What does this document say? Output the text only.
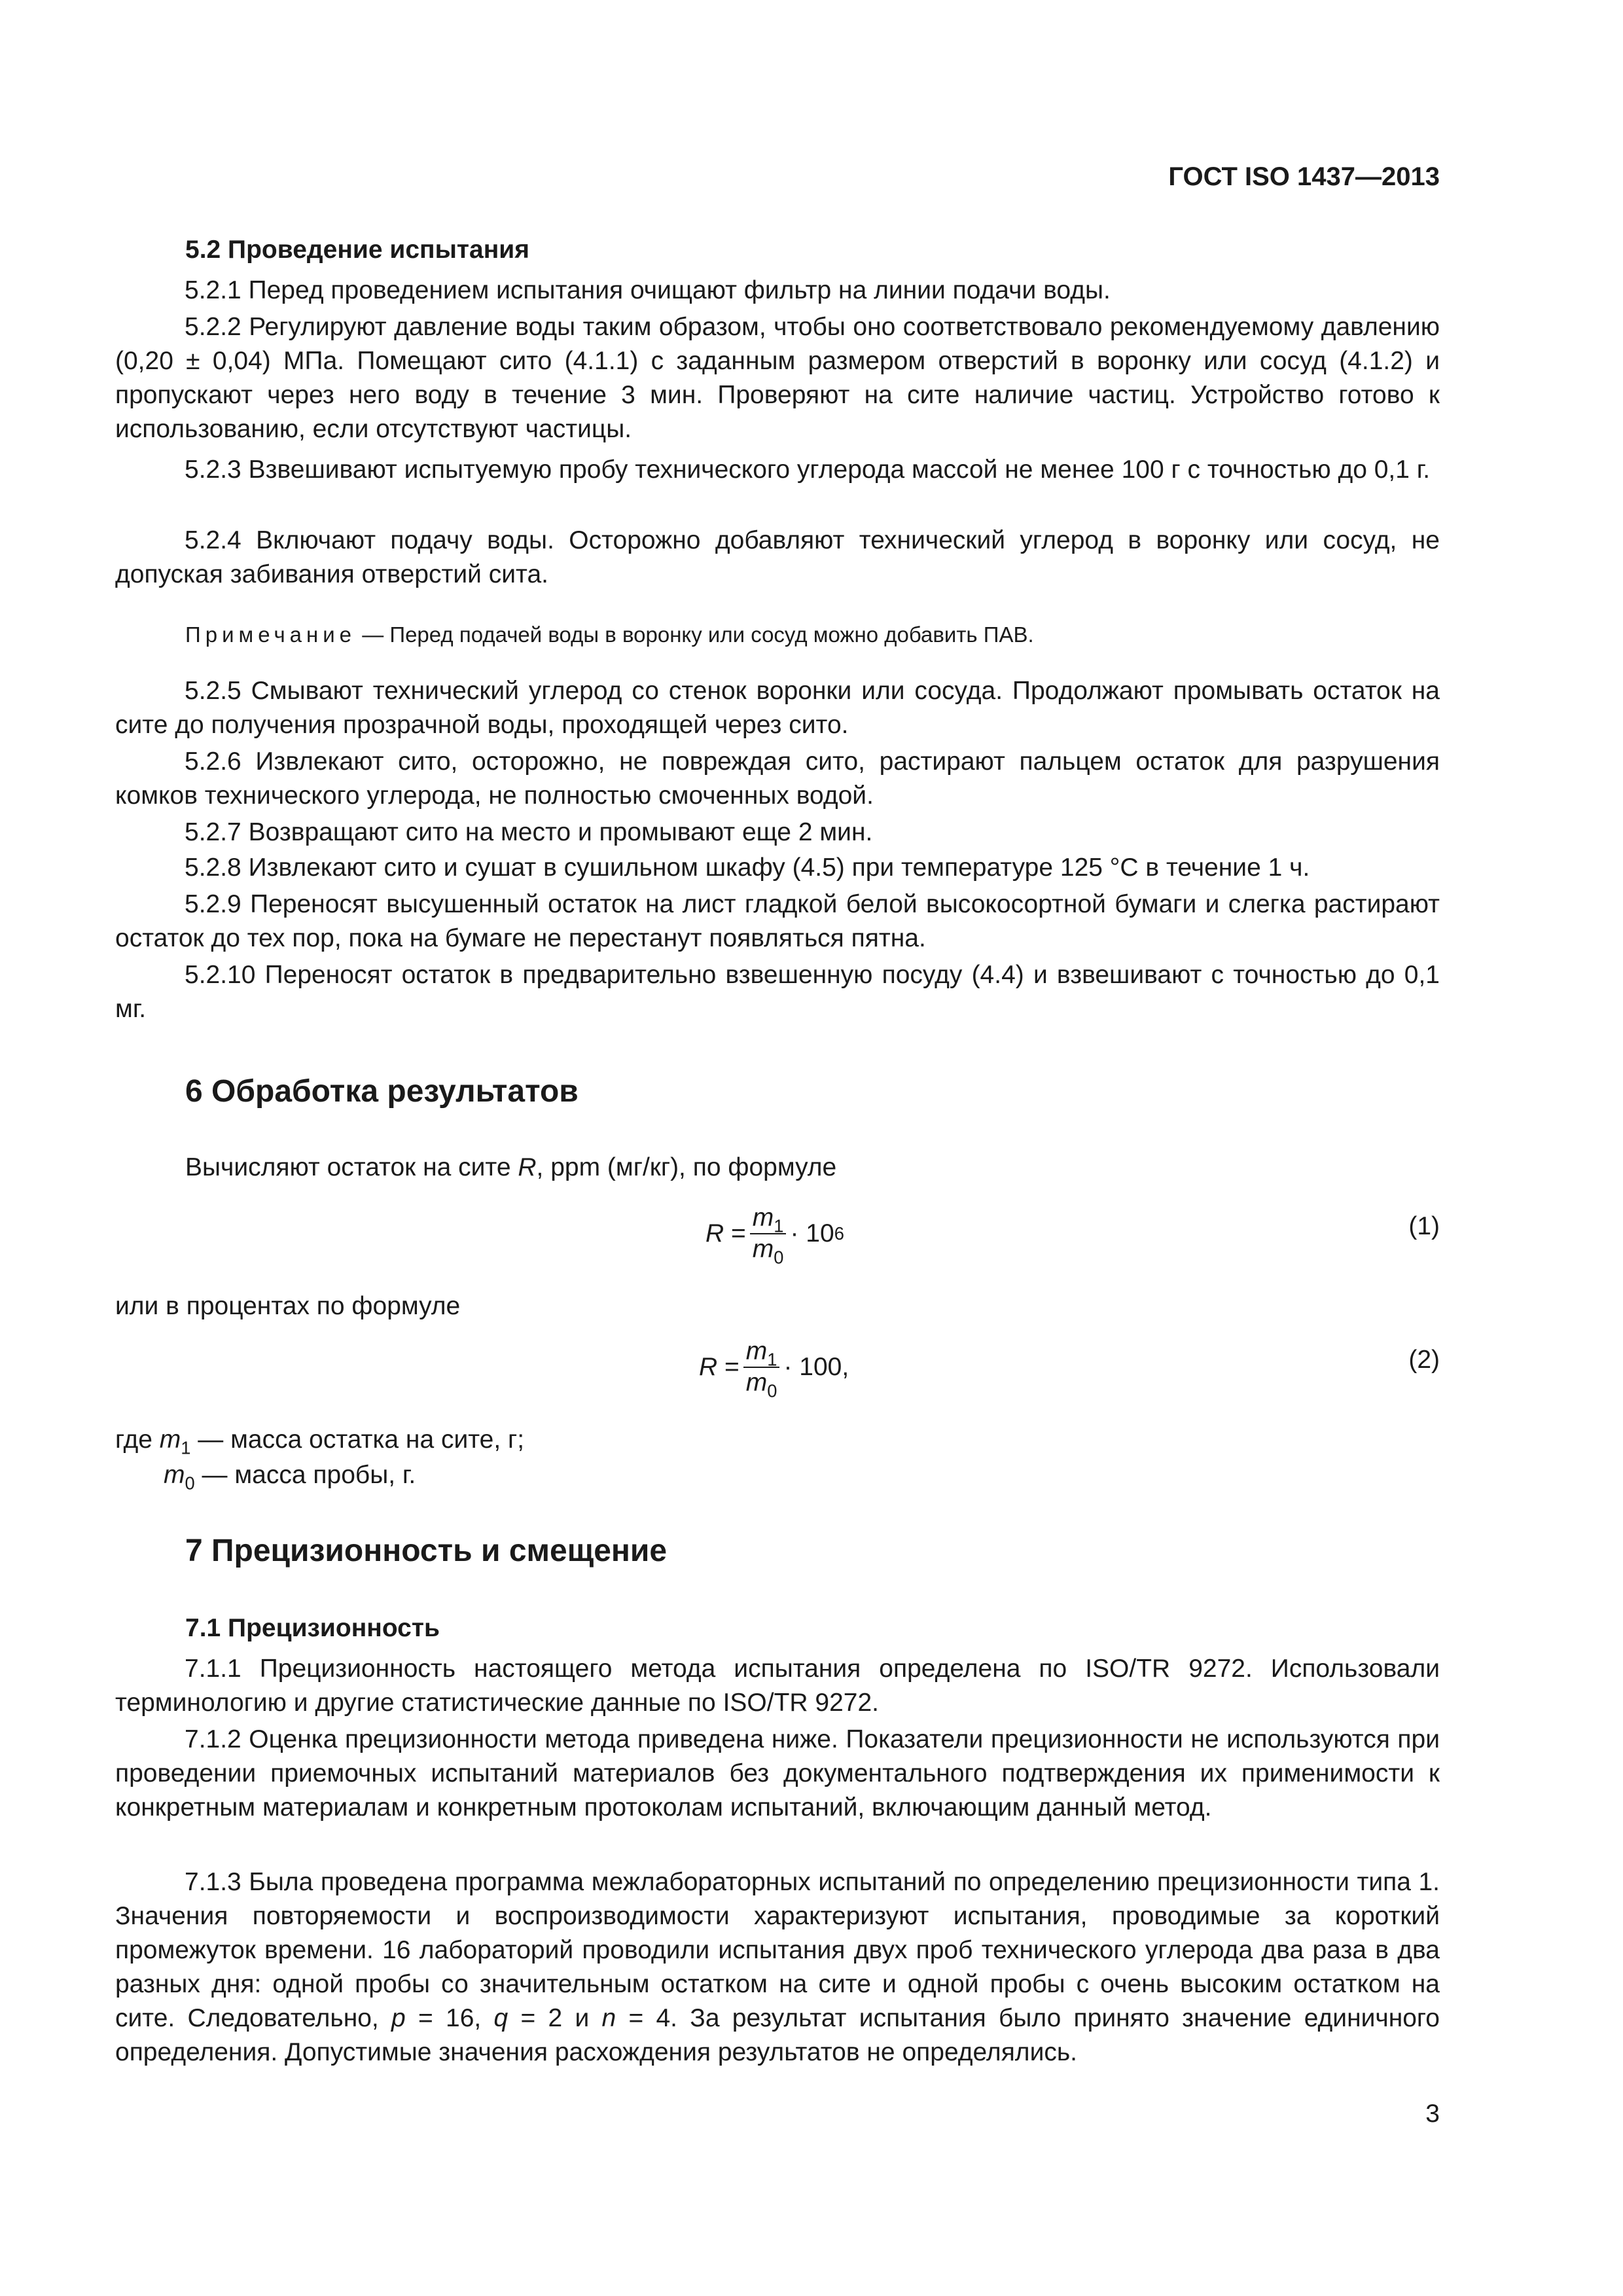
ГОСТ ISO 1437—2013
5.2 Проведение испытания

5.2.1 Перед проведением испытания очищают фильтр на линии подачи воды.

5.2.2 Регулируют давление воды таким образом, чтобы оно соответствовало рекомендуемому давлению (0,20 ± 0,04) МПа. Помещают сито (4.1.1) с заданным размером отверстий в воронку или сосуд (4.1.2) и пропускают через него воду в течение 3 мин. Проверяют на сите наличие частиц. Устройство готово к использованию, если отсутствуют частицы.

5.2.3 Взвешивают испытуемую пробу технического углерода массой не менее 100 г с точностью до 0,1 г.

5.2.4 Включают подачу воды. Осторожно добавляют технический углерод в воронку или сосуд, не допуская забивания отверстий сита.

Примечание — Перед подачей воды в воронку или сосуд можно добавить ПАВ.

5.2.5 Смывают технический углерод со стенок воронки или сосуда. Продолжают промывать остаток на сите до получения прозрачной воды, проходящей через сито.

5.2.6 Извлекают сито, осторожно, не повреждая сито, растирают пальцем остаток для разрушения комков технического углерода, не полностью смоченных водой.

5.2.7 Возвращают сито на место и промывают еще 2 мин.

5.2.8 Извлекают сито и сушат в сушильном шкафу (4.5) при температуре 125 °С в течение 1 ч.

5.2.9 Переносят высушенный остаток на лист гладкой белой высокосортной бумаги и слегка растирают остаток до тех пор, пока на бумаге не перестанут появляться пятна.

5.2.10 Переносят остаток в предварительно взвешенную посуду (4.4) и взвешивают с точностью до 0,1 мг.

6 Обработка результатов
Вычисляют остаток на сите R, ppm (мг/кг), по формуле
$R = \frac{m_1}{m_0} \cdot 10$ 6	(1)
или в процентах по формуле
$R = \frac{m_1}{m_0} \cdot 100$,	(2)
где $m_1$ — масса остатка на сите, г;
$m_0$ — масса пробы, г.
7 Прецизионность и смещение
7.1 Прецизионность

7.1.1 Прецизионность настоящего метода испытания определена по ISO/TR 9272. Использовали терминологию и другие статистические данные по ISO/TR 9272.

7.1.2 Оценка прецизионности метода приведена ниже. Показатели прецизионности не используются при проведении приемочных испытаний материалов без документального подтверждения их применимости к конкретным материалам и конкретным протоколам испытаний, включающим данный метод.

7.1.3 Была проведена программа межлабораторных испытаний по определению прецизионности типа 1. Значения повторяемости и воспроизводимости характеризуют испытания, проводимые за короткий промежуток времени. 16 лабораторий проводили испытания двух проб технического углерода два раза в два разных дня: одной пробы со значительным остатком на сите и одной пробы с очень высоким остатком на сите. Следовательно, p = 16, q = 2 и n = 4. За результат испытания было принято значение единичного определения. Допустимые значения расхождения результатов не определялись.

3
